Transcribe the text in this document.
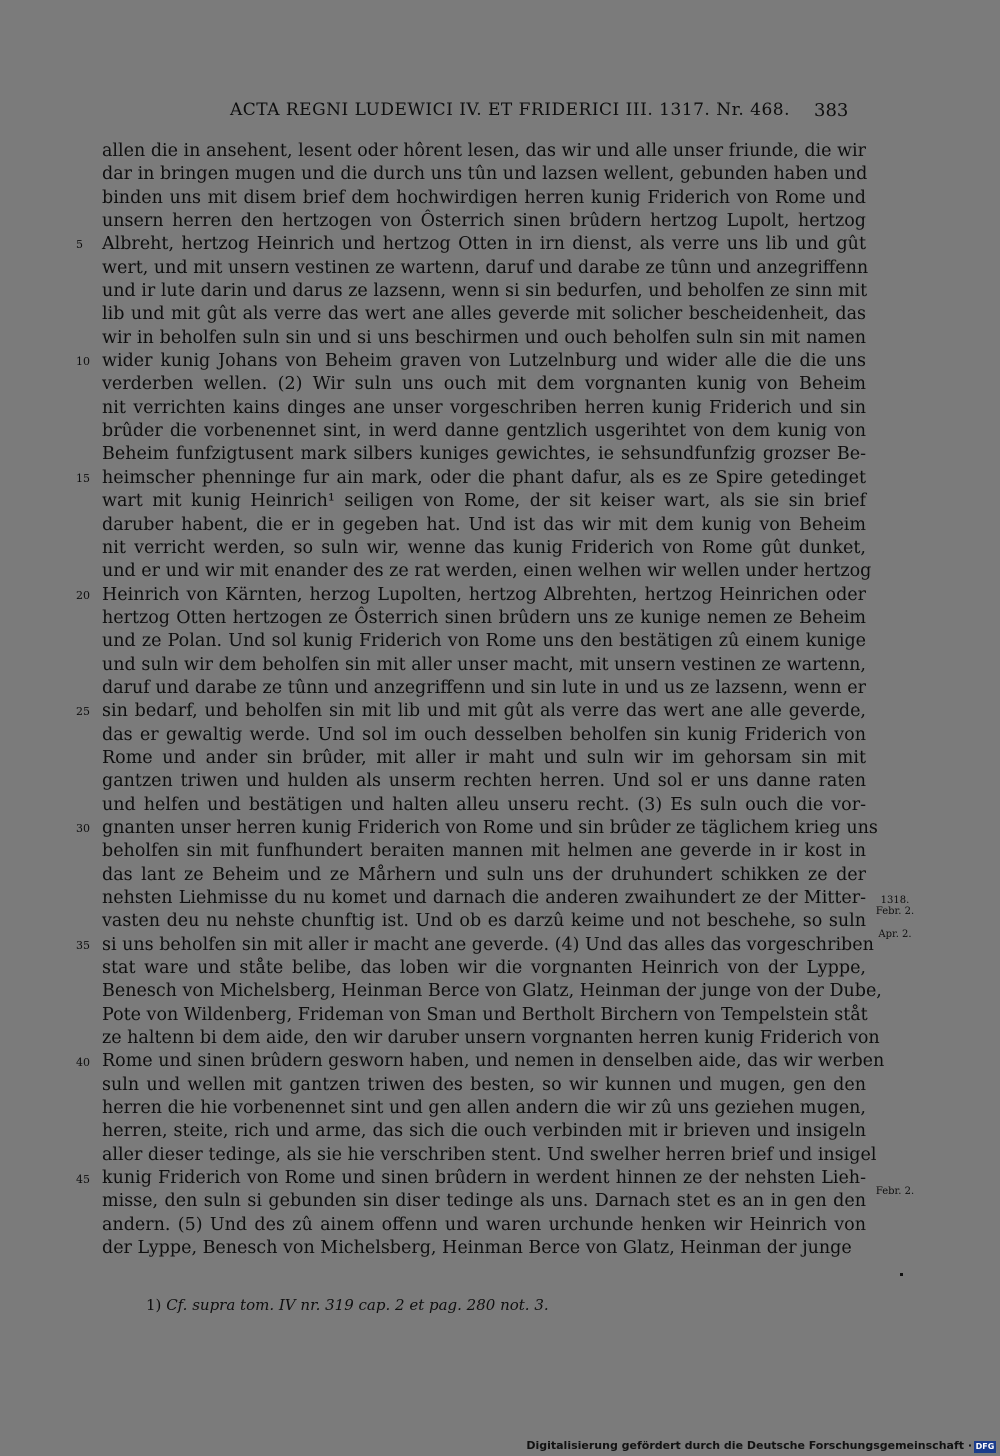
ACTA REGNI LUDEWICI IV. ET FRIDERICI III. 1317. Nr. 468. 383
allen die in ansehent, lesent oder hôrent lesen, das wir und alle unser friunde, die wir
dar in bringen mugen und die durch uns tûn und lazsen wellent, gebunden haben und
binden uns mit disem brief dem hochwirdigen herren kunig Friderich von Rome und
unsern herren den hertzogen von Ôsterrich sinen brûdern hertzog Lupolt, hertzog
Albreht, hertzog Heinrich und hertzog Otten in irn dienst, als verre uns lib und gût
wert, und mit unsern vestinen ze wartenn, daruf und darabe ze tûnn und anzegriffenn
und ir lute darin und darus ze lazsenn, wenn si sin bedurfen, und beholfen ze sinn mit
lib und mit gût als verre das wert ane alles geverde mit solicher bescheidenheit, das
wir in beholfen suln sin und si uns beschirmen und ouch beholfen suln sin mit namen
wider kunig Johans von Beheim graven von Lutzelnburg und wider alle die die uns
verderben wellen. (2) Wir suln uns ouch mit dem vorgnanten kunig von Beheim
nit verrichten kains dinges ane unser vorgeschriben herren kunig Friderich und sin
brûder die vorbenennet sint, in werd danne gentzlich usgerihtet von dem kunig von
Beheim funfzigtusent mark silbers kuniges gewichtes, ie sehsundfunfzig grozser Be-
heimscher phenninge fur ain mark, oder die phant dafur, als es ze Spire getedinget
wart mit kunig Heinrich¹ seiligen von Rome, der sit keiser wart, als sie sin brief
daruber habent, die er in gegeben hat. Und ist das wir mit dem kunig von Beheim
nit verricht werden, so suln wir, wenne das kunig Friderich von Rome gût dunket,
und er und wir mit enander des ze rat werden, einen welhen wir wellen under hertzog
Heinrich von Kärnten, herzog Lupolten, hertzog Albrehten, hertzog Heinrichen oder
hertzog Otten hertzogen ze Ôsterrich sinen brûdern uns ze kunige nemen ze Beheim
und ze Polan. Und sol kunig Friderich von Rome uns den bestätigen zû einem kunige
und suln wir dem beholfen sin mit aller unser macht, mit unsern vestinen ze wartenn,
daruf und darabe ze tûnn und anzegriffenn und sin lute in und us ze lazsenn, wenn er
sin bedarf, und beholfen sin mit lib und mit gût als verre das wert ane alle geverde,
das er gewaltig werde. Und sol im ouch desselben beholfen sin kunig Friderich von
Rome und ander sin brûder, mit aller ir maht und suln wir im gehorsam sin mit
gantzen triwen und hulden als unserm rechten herren. Und sol er uns danne raten
und helfen und bestätigen und halten alleu unseru recht. (3) Es suln ouch die vor-
gnanten unser herren kunig Friderich von Rome und sin brûder ze täglichem krieg uns
beholfen sin mit funfhundert beraiten mannen mit helmen ane geverde in ir kost in
das lant ze Beheim und ze Mårhern und suln uns der druhundert schikken ze der
nehsten Liehmisse du nu komet und darnach die anderen zwaihundert ze der Mitter-
vasten deu nu nehste chunftig ist. Und ob es darzû keime und not beschehe, so suln
si uns beholfen sin mit aller ir macht ane geverde. (4) Und das alles das vorgeschriben
stat ware und ståte belibe, das loben wir die vorgnanten Heinrich von der Lyppe,
Benesch von Michelsberg, Heinman Berce von Glatz, Heinman der junge von der Dube,
Pote von Wildenberg, Frideman von Sman und Bertholt Birchern von Tempelstein ståt
ze haltenn bi dem aide, den wir daruber unsern vorgnanten herren kunig Friderich von
Rome und sinen brûdern gesworn haben, und nemen in denselben aide, das wir werben
suln und wellen mit gantzen triwen des besten, so wir kunnen und mugen, gen den
herren die hie vorbenennet sint und gen allen andern die wir zû uns geziehen mugen,
herren, steite, rich und arme, das sich die ouch verbinden mit ir brieven und insigeln
aller dieser tedinge, als sie hie verschriben stent. Und swelher herren brief und insigel
kunig Friderich von Rome und sinen brûdern in werdent hinnen ze der nehsten Lieh-
misse, den suln si gebunden sin diser tedinge als uns. Darnach stet es an in gen den
andern. (5) Und des zû ainem offenn und waren urchunde henken wir Heinrich von
der Lyppe, Benesch von Michelsberg, Heinman Berce von Glatz, Heinman der junge
5
10
15
20
25
30
35
40
45
1318.
Febr. 2.
Apr. 2.
Febr. 2.
1) Cf. supra tom. IV nr. 319 cap. 2 et pag. 280 not. 3.
Digitalisierung gefördert durch die Deutsche Forschungsgemeinschaft · DFG
